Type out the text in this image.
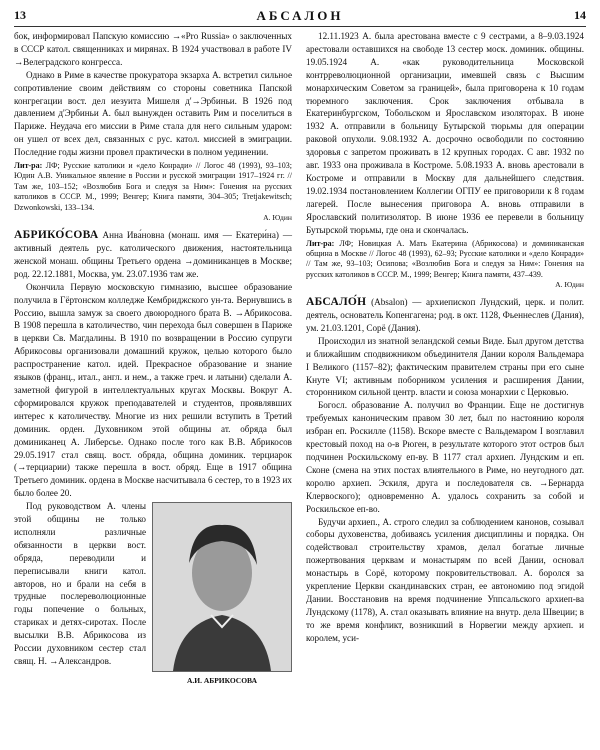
13	АБСАЛОН	14

бок, информировал Папскую комиссию →«Pro Russia» о заключенных в СССР катол. священниках и мирянах. В 1924 участвовал в работе IV →Велеградского конгресса.

Однако в Риме в качестве прокуратора экзарха А. встретил сильное сопротивление своим действиям со стороны советника Папской конгрегации вост. дел иезуита Мишеля д'→Эрбиньи. В 1926 под давлением д'Эрбиньи А. был вынужден оставить Рим и поселиться в Париже. Неудача его миссии в Риме стала для него сильным ударом: он ушел от всех дел, связанных с рус. катол. миссией в эмиграции. Последние годы жизни провел практически в полном уединении.

Лит-ра: ЛФ; Русские католики и «дело Конради» // Логос 48 (1993), 93–103; Юдин А.В. Уникальное явление в России и русской эмиграции 1917–1924 гг. // Там же, 103–152; «Возлюбив Бога и следуя за Ним»: Гонения на русских католиков в СССР. М., 1999; Венгер; Книга памяти, 304–305; Tretjakewitsch; Dzwonkowski, 133–134.

А. Юдин

АБРИКО́СОВА Анна Ива́новна (монаш. имя — Екатери́на) — активный деятель рус. католического движения, настоятельница женской монаш. общины Третьего ордена →доминиканцев в Москве; род. 22.12.1881, Москва, ум. 23.07.1936 там же.

Окончила Первую московскую гимназию, высшее образование получила в Гёртонском колледже Кембриджского ун-та. Вернувшись в Россию, вышла замуж за своего двоюродного брата В. →Абрикосова. В 1908 перешла в католичество, чин перехода был совершен в Париже в церкви Св. Магдалины. В 1910 по возвращении в Россию супруги Абрикосовы организовали домашний кружок, целью которого было распространение катол. идей. Прекрасное образование и знание языков (франц., итал., англ. и нем., а также греч. и латыни) сделали А. заметной фигурой в интеллектуальных кругах Москвы. Вокруг А. сформировался кружок преподавателей и студентов, проявлявших интерес к католичеству. Многие из них решили вступить в Третий доминик. орден. Духовником этой общины ат. обряда был доминиканец А. Либерсье. Однако после того как В.В. Абрикосов 29.05.1917 стал свящ. вост. обряда, община доминик. терциарок (→терциарии) также перешла в вост. обряд. Еще в 1917 община Третьего доминик. ордена в Москве насчитывала 6 сестер, то в 1923 их было более 20.

А.И. АБРИКОСОВА

Под руководством А. члены этой общины не только исполняли различные обязанности в церкви вост. обряда, переводили и переписывали книги катол. авторов, но и брали на себя в трудные послереволюционные годы попечение о больных, стариках и детях-сиротах. После высылки В.В. Абрикосова из России духовником сестер стал свящ. Н. →Александров.

12.11.1923 А. была арестована вместе с 9 сестрами, а 8–9.03.1924 арестовали оставшихся на свободе 13 сестер моск. доминик. общины. 19.05.1924 А. «как руководительница Московской контрреволюционной организации, имевшей связь с Высшим монархическим Советом за границей», была приговорена к 10 годам тюремного заключения. Срок заключения отбывала в Екатеринбургском, Тобольском и Ярославском изоляторах. В июне 1932 А. отправили в больницу Бутырской тюрьмы для операции раковой опухоли. 9.08.1932 А. досрочно освободили по состоянию здоровья с запретом проживать в 12 крупных городах. С авг. 1932 по авг. 1933 она проживала в Костроме. 5.08.1933 А. вновь арестовали в Костроме и отправили в Москву для дальнейшего следствия. 19.02.1934 постановлением Коллегии ОГПУ ее приговорили к 8 годам лагерей. После вынесения приговора А. вновь отправили в Ярославский политизолятор. В июне 1936 ее перевели в больницу Бутырской тюрьмы, где она и скончалась.

Лит-ра: ЛФ; Новицкая А. Мать Екатерина (Абрикосова) и доминиканская община в Москве // Логос 48 (1993), 62–93; Русские католики и «дело Конради» // Там же, 93–103; Осипова; «Возлюбив Бога и следуя за Ним»: Гонения на русских католиков в СССР. М., 1999; Венгер; Книга памяти, 437–439.

А. Юдин

АБСАЛО́Н (Absalon) — архиепископ Лундский, церк. и полит. деятель, основатель Копенгагена; род. в окт. 1128, Фьеннеслев (Дания), ум. 21.03.1201, Сорё (Дания).

Происходил из знатной зеландской семьи Виде. Был другом детства и ближайшим сподвижником объединителя Дании короля Вальдемара I Великого (1157–82); фактическим правителем страны при его сыне Кнуте VI; активным поборником усиления и расширения Дании, сторонником сильной центр. власти и союза монархии с Церковью.

Богосл. образование А. получил во Франции. Еще не достигнув требуемых каноническим правом 30 лет, был по настоянию короля избран еп. Роскилле (1158). Вскоре вместе с Вальдемаром I возглавил крестовый поход на о-в Рюген, в результате которого этот остров был подчинен Роскильскому еп-ву. В 1177 стал архиеп. Лундским и еп. Сконе (смена на этих постах влиятельного в Риме, но неугодного дат. королю архиеп. Эскиля, друга и последователя св. →Бернарда Клервоского); одновременно А. удалось сохранить за собой и Роскильское еп-во.

Будучи архиеп., А. строго следил за соблюдением канонов, созывал соборы духовенства, добиваясь усиления дисциплины и порядка. Он содействовал строительству храмов, делал богатые личные пожертвования церквам и монастырям по всей Дании, основал монастырь в Сорё, которому покровительствовал. А. боролся за укрепление Церкви скандинавских стран, ее автономию под эгидой Дании. Восстановив на время подчинение Уппсальского архиеп-ва Лундскому (1178), А. стал оказывать влияние на внутр. дела Швеции; в то же время конфликт, возникший в Норвегии между архиеп. и королем, уси-
